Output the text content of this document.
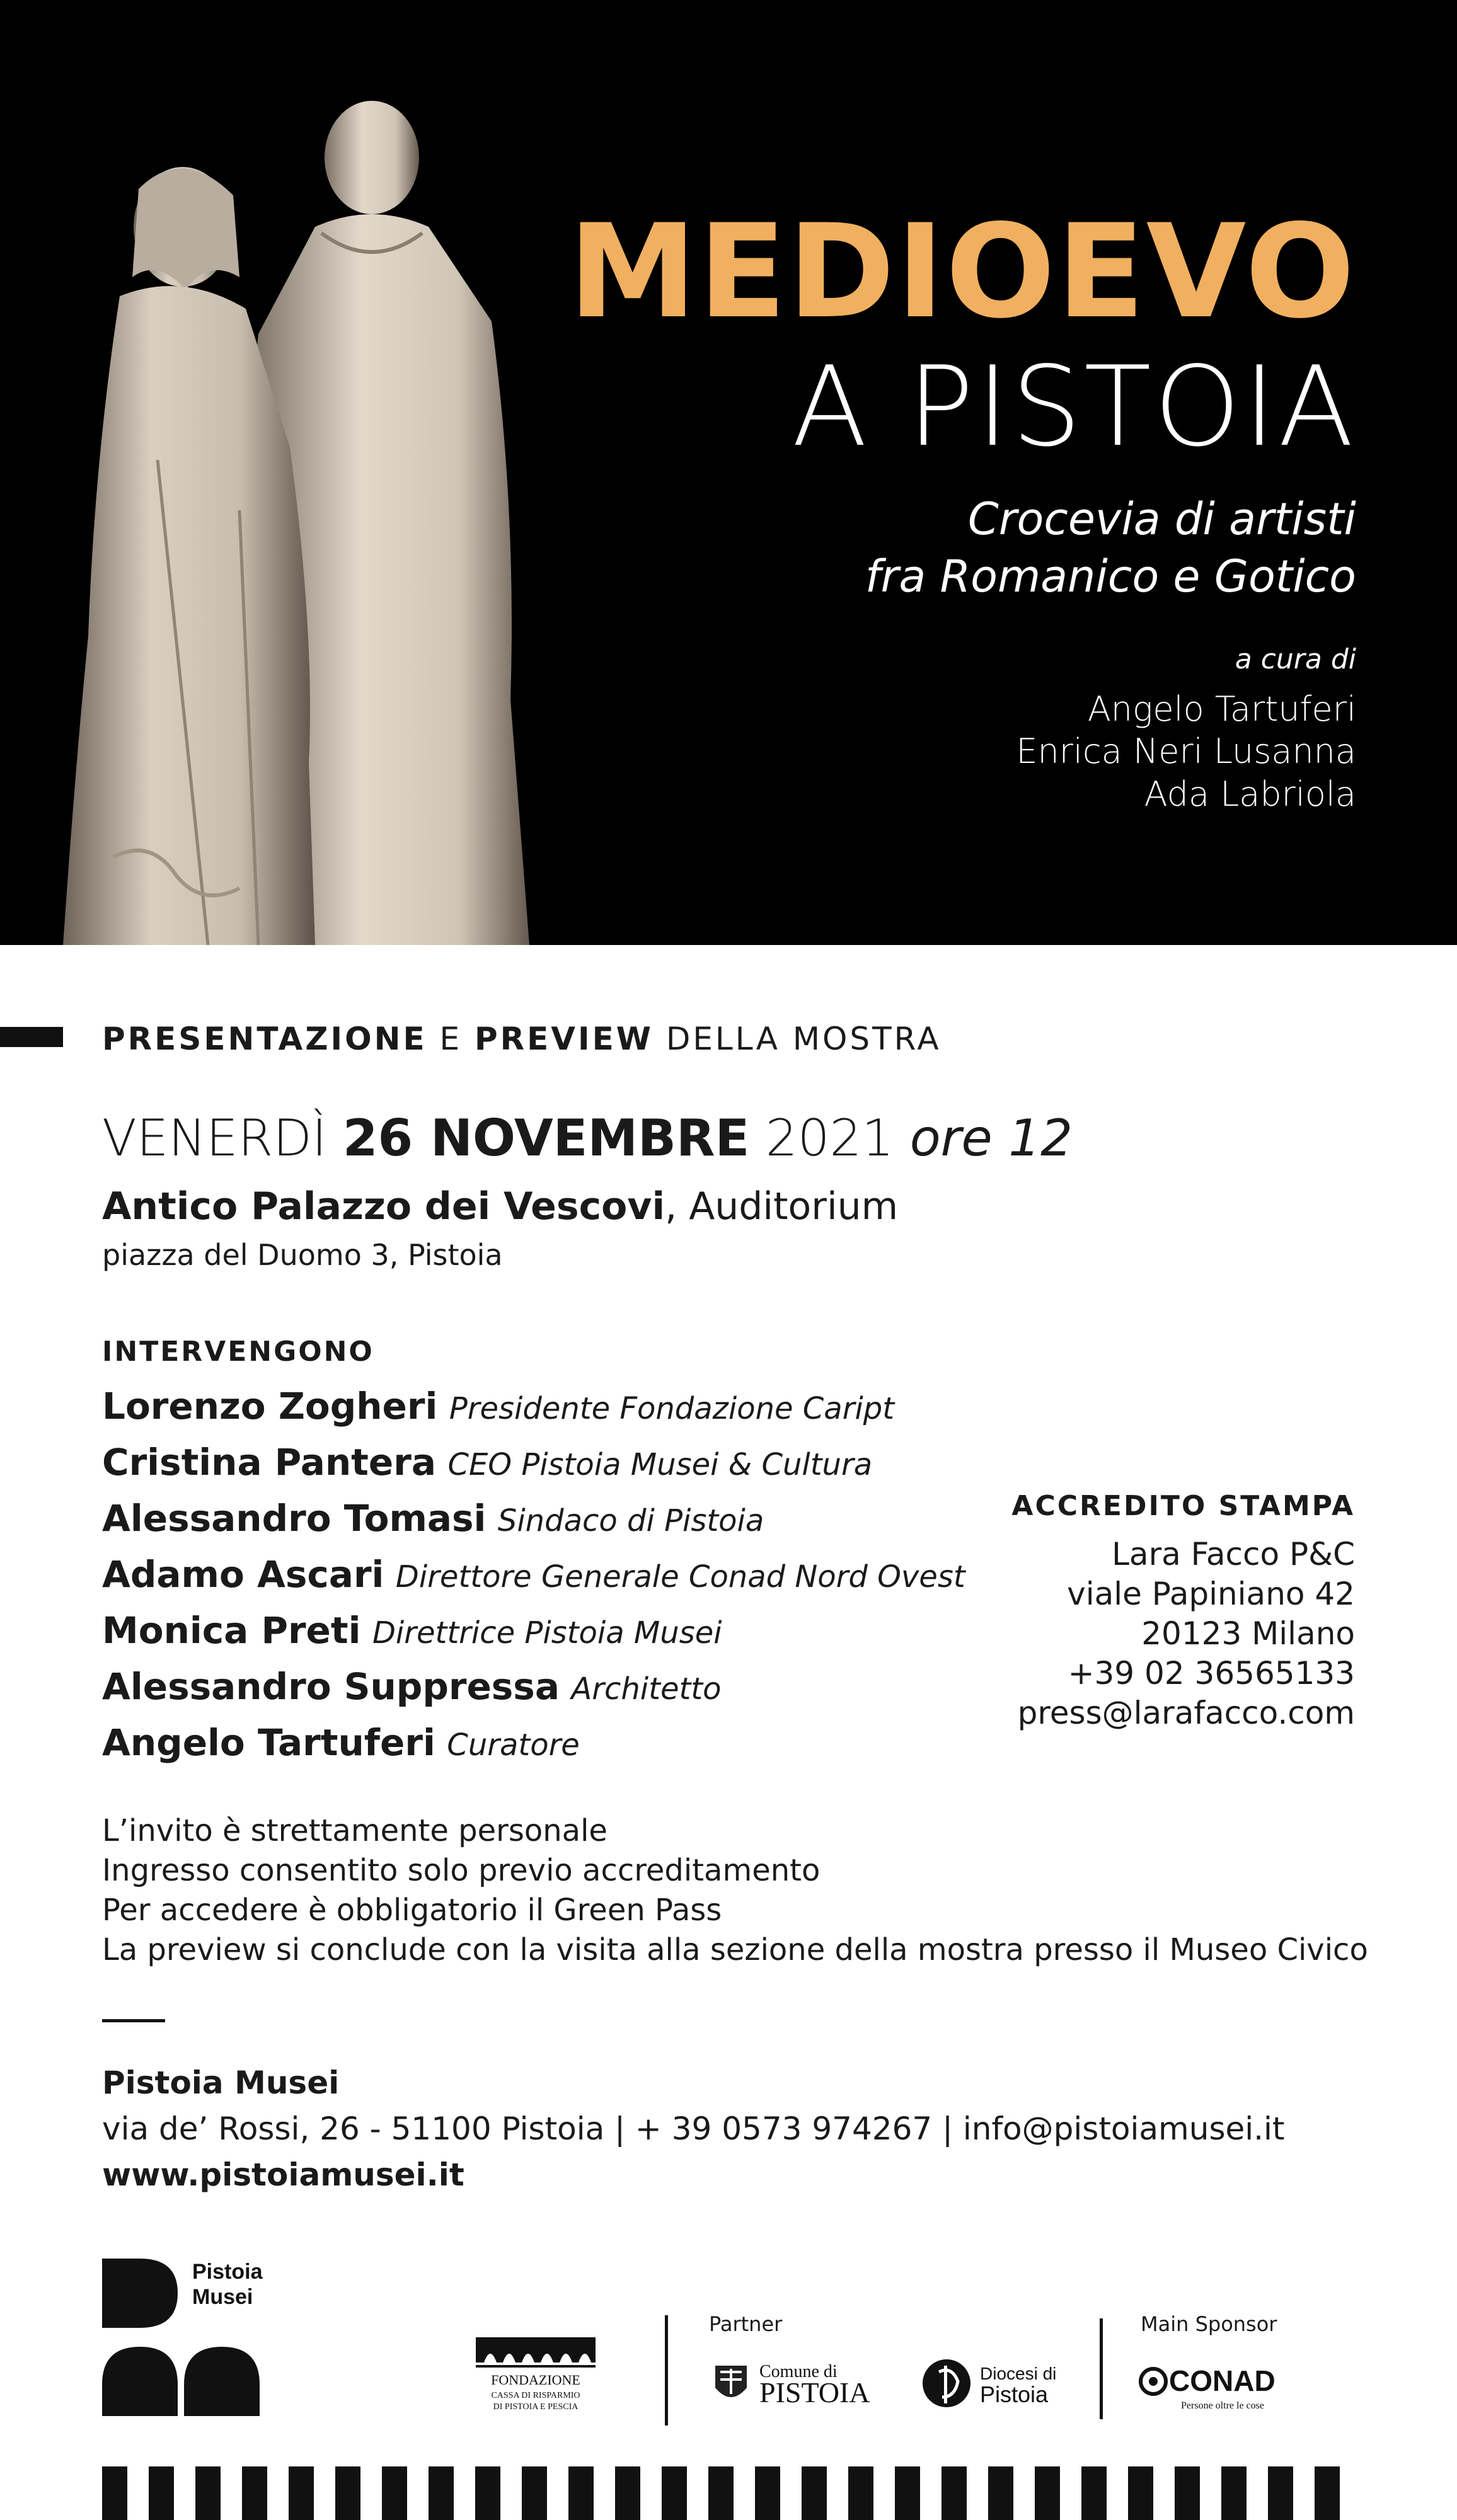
MEDIOEVO
A PISTOIA
Crocevia di artisti
fra Romanico e Gotico
a cura di
Angelo Tartuferi
Enrica Neri Lusanna
Ada Labriola
PRESENTAZIONE E PREVIEW DELLA MOSTRA
VENERDÌ 26 NOVEMBRE 2021 ore 12
Antico Palazzo dei Vescovi, Auditorium
piazza del Duomo 3, Pistoia
INTERVENGONO
Lorenzo Zogheri Presidente Fondazione Caript
Cristina Pantera CEO Pistoia Musei & Cultura
Alessandro Tomasi Sindaco di Pistoia
Adamo Ascari Direttore Generale Conad Nord Ovest
Monica Preti Direttrice Pistoia Musei
Alessandro Suppressa Architetto
Angelo Tartuferi Curatore
ACCREDITO STAMPA
Lara Facco P&C
viale Papiniano 42
20123 Milano
+39 02 36565133
press@larafacco.com
L’invito è strettamente personale
Ingresso consentito solo previo accreditamento
Per accedere è obbligatorio il Green Pass
La preview si conclude con la visita alla sezione della mostra presso il Museo Civico
Pistoia Musei
via de’ Rossi, 26 - 51100 Pistoia | + 39 0573 974267 | info@pistoiamusei.it
www.pistoiamusei.it
Pistoia
Musei
FONDAZIONE
CASSA DI RISPARMIO
DI PISTOIA E PESCIA
Partner
Comune di
PISTOIA
Diocesi di
Pistoia
Main Sponsor
CONAD
Persone oltre le cose
